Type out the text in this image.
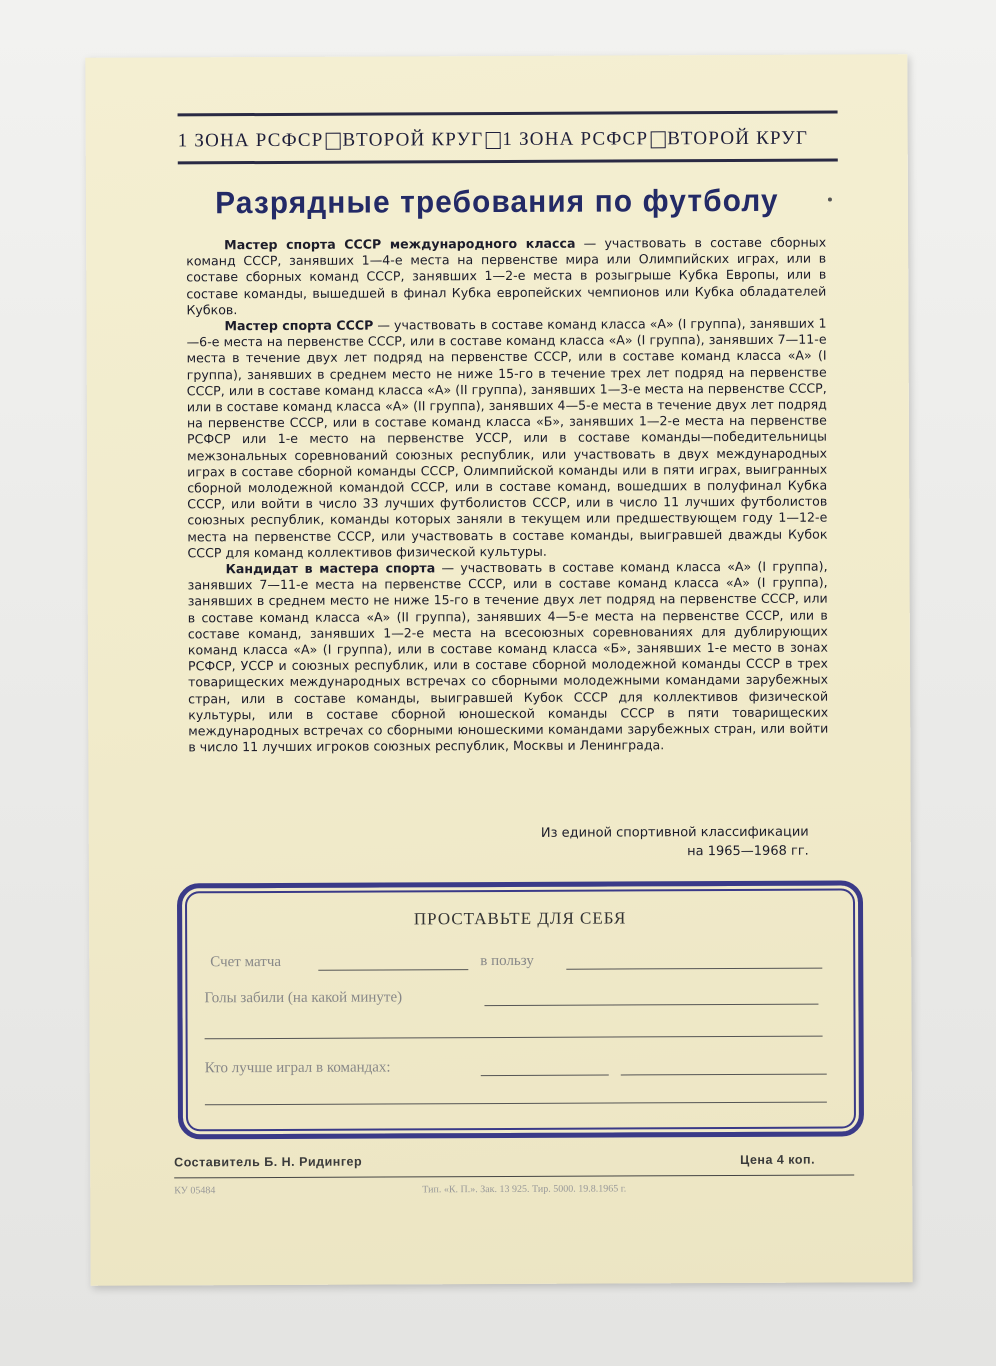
1 ЗОНА РСФСР ВТОРОЙ КРУГ 1 ЗОНА РСФСР ВТОРОЙ КРУГ
Разрядные требования по футболу

Мастер спорта СССР международного класса — участвовать в составе сборных команд СССР, занявших 1—4-е места на первенстве мира или Олимпийских играх, или в составе сборных команд СССР, занявших 1—2-е места в розыгрыше Кубка Европы, или в составе команды, вышедшей в финал Кубка европейских чемпионов или Кубка обладателей Кубков.

Мастер спорта СССР — участвовать в составе команд класса «А» (I группа), занявших 1—6-е места на первенстве СССР, или в составе команд класса «А» (I группа), занявших 7—11-е места в течение двух лет подряд на первенстве СССР, или в составе команд класса «А» (I группа), занявших в среднем место не ниже 15-го в течение трех лет подряд на первенстве СССР, или в составе команд класса «А» (II группа), занявших 1—3-е места на первенстве СССР, или в составе команд класса «А» (II группа), занявших 4—5-е места в течение двух лет подряд на первенстве СССР, или в составе команд класса «Б», занявших 1—2-е места на первенстве РСФСР или 1-е место на первенстве УССР, или в составе команды—победительницы межзональных соревнований союзных республик, или участвовать в двух международных играх в составе сборной команды СССР, Олимпийской команды или в пяти играх, выигранных сборной молодежной командой СССР, или в составе команд, вошедших в полуфинал Кубка СССР, или войти в число 33 лучших футболистов СССР, или в число 11 лучших футболистов союзных республик, команды которых заняли в текущем или предшествующем году 1—12-е места на первенстве СССР, или участвовать в составе команды, выигравшей дважды Кубок СССР для команд коллективов физической культуры.

Кандидат в мастера спорта — участвовать в составе команд класса «А» (I группа), занявших 7—11-е места на первенстве СССР, или в составе команд класса «А» (I группа), занявших в среднем место не ниже 15-го в течение двух лет подряд на первенстве СССР, или в составе команд класса «А» (II группа), занявших 4—5-е места на первенстве СССР, или в составе команд, занявших 1—2-е места на всесоюзных соревнованиях для дублирующих команд класса «А» (I группа), или в составе команд класса «Б», занявших 1-е место в зонах РСФСР, УССР и союзных республик, или в составе сборной молодежной команды СССР в трех товарищеских международных встречах со сборными молодежными командами зарубежных стран, или в составе команды, выигравшей Кубок СССР для коллективов физической культуры, или в составе сборной юношеской команды СССР в пяти товарищеских международных встречах со сборными юношескими командами зарубежных стран, или войти в число 11 лучших игроков союзных республик, Москвы и Ленинграда.

Из единой спортивной классификации
на 1965—1968 гг.
ПРОСТАВЬТЕ ДЛЯ СЕБЯ
Счет матча	в пользу
Голы забили (на какой минуте)
Кто лучше играл в командах:
Составитель Б. Н. Ридингер	Цена 4 коп.
КУ 05484	Тип. «К. П.». Зак. 13 925. Тир. 5000. 19.8.1965 г.
